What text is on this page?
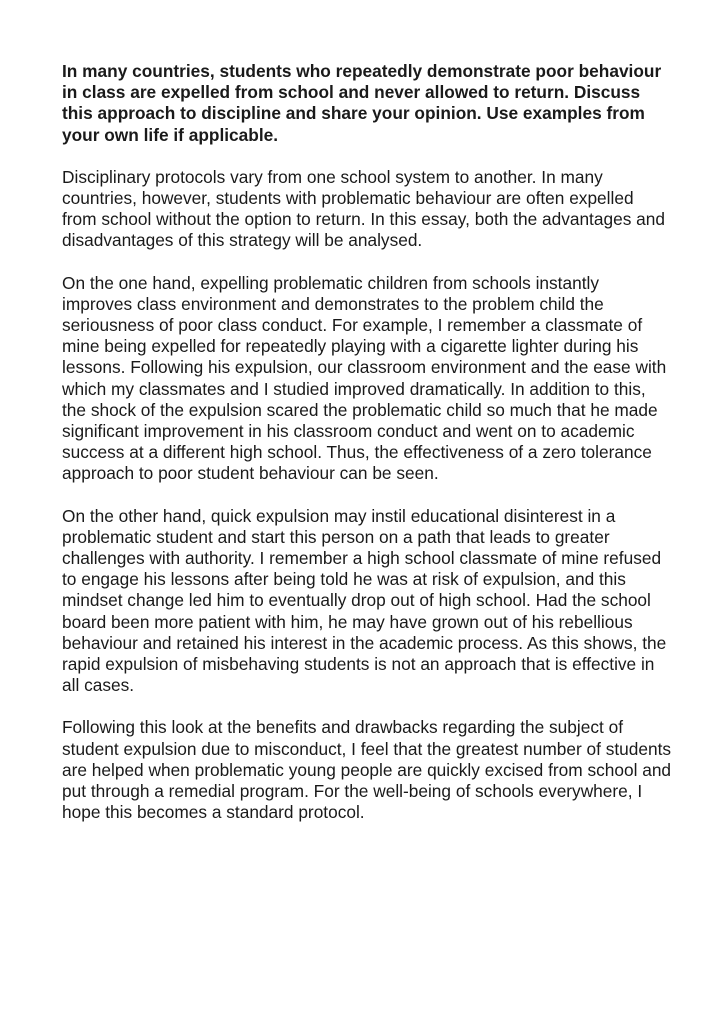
In many countries, students who repeatedly demonstrate poor behaviour
in class are expelled from school and never allowed to return. Discuss
this approach to discipline and share your opinion. Use examples from
your own life if applicable.
Disciplinary protocols vary from one school system to another. In many
countries, however, students with problematic behaviour are often expelled
from school without the option to return. In this essay, both the advantages and
disadvantages of this strategy will be analysed.
On the one hand, expelling problematic children from schools instantly
improves class environment and demonstrates to the problem child the
seriousness of poor class conduct. For example, I remember a classmate of
mine being expelled for repeatedly playing with a cigarette lighter during his
lessons. Following his expulsion, our classroom environment and the ease with
which my classmates and I studied improved dramatically. In addition to this,
the shock of the expulsion scared the problematic child so much that he made
significant improvement in his classroom conduct and went on to academic
success at a different high school. Thus, the effectiveness of a zero tolerance
approach to poor student behaviour can be seen.
On the other hand, quick expulsion may instil educational disinterest in a
problematic student and start this person on a path that leads to greater
challenges with authority. I remember a high school classmate of mine refused
to engage his lessons after being told he was at risk of expulsion, and this
mindset change led him to eventually drop out of high school. Had the school
board been more patient with him, he may have grown out of his rebellious
behaviour and retained his interest in the academic process. As this shows, the
rapid expulsion of misbehaving students is not an approach that is effective in
all cases.
Following this look at the benefits and drawbacks regarding the subject of
student expulsion due to misconduct, I feel that the greatest number of students
are helped when problematic young people are quickly excised from school and
put through a remedial program. For the well-being of schools everywhere, I
hope this becomes a standard protocol.
